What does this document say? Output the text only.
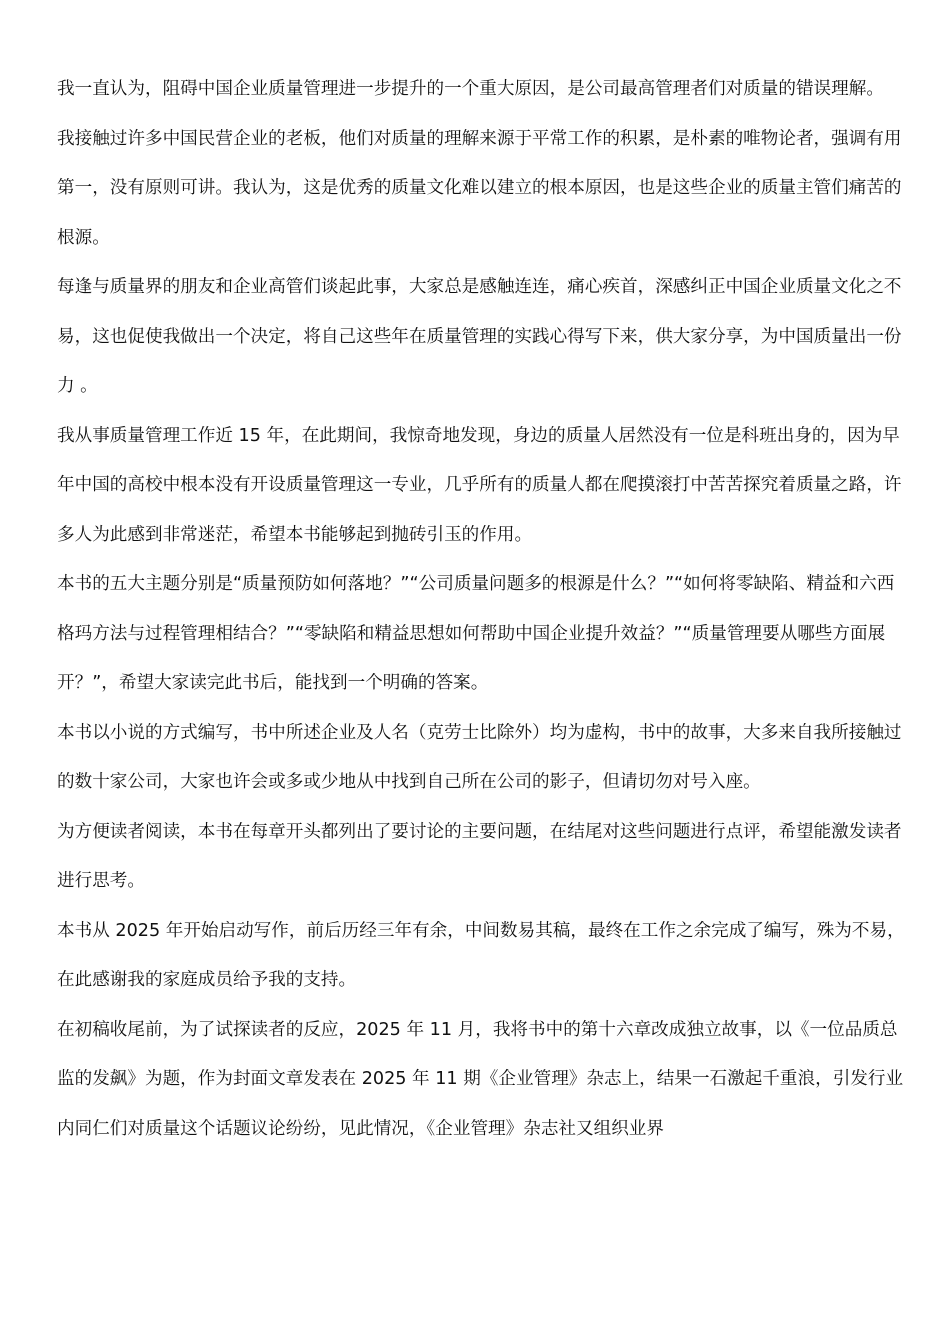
我一直认为，阻碍中国企业质量管理进一步提升的一个重大原因，是公司最高管理者们对质量的错误理解。

我接触过许多中国民营企业的老板，他们对质量的理解来源于平常工作的积累，是朴素的唯物论者，强调有用第一，没有原则可讲。我认为，这是优秀的质量文化难以建立的根本原因，也是这些企业的质量主管们痛苦的根源。

每逢与质量界的朋友和企业高管们谈起此事，大家总是感触连连，痛心疾首，深感纠正中国企业质量文化之不易，这也促使我做出一个决定，将自己这些年在质量管理的实践心得写下来，供大家分享，为中国质量出一份力 。

我从事质量管理工作近 15 年，在此期间，我惊奇地发现，身边的质量人居然没有一位是科班出身的，因为早年中国的高校中根本没有开设质量管理这一专业，几乎所有的质量人都在爬摸滚打中苦苦探究着质量之路，许多人为此感到非常迷茫，希望本书能够起到抛砖引玉的作用。

本书的五大主题分别是“质量预防如何落地？”“公司质量问题多的根源是什么？”“如何将零缺陷、精益和六西格玛方法与过程管理相结合？”“零缺陷和精益思想如何帮助中国企业提升效益？”“质量管理要从哪些方面展开？”，希望大家读完此书后，能找到一个明确的答案。

本书以小说的方式编写，书中所述企业及人名（克劳士比除外）均为虚构，书中的故事，大多来自我所接触过的数十家公司，大家也许会或多或少地从中找到自己所在公司的影子，但请切勿对号入座。

为方便读者阅读，本书在每章开头都列出了要讨论的主要问题，在结尾对这些问题进行点评，希望能激发读者进行思考。

本书从 2025 年开始启动写作，前后历经三年有余，中间数易其稿，最终在工作之余完成了编写，殊为不易，在此感谢我的家庭成员给予我的支持。

在初稿收尾前，为了试探读者的反应，2025 年 11 月，我将书中的第十六章改成独立故事，以《一位品质总监的发飙》为题，作为封面文章发表在 2025 年 11 期《企业管理》杂志上，结果一石激起千重浪，引发行业内同仁们对质量这个话题议论纷纷，见此情况，《企业管理》杂志社又组织业界
